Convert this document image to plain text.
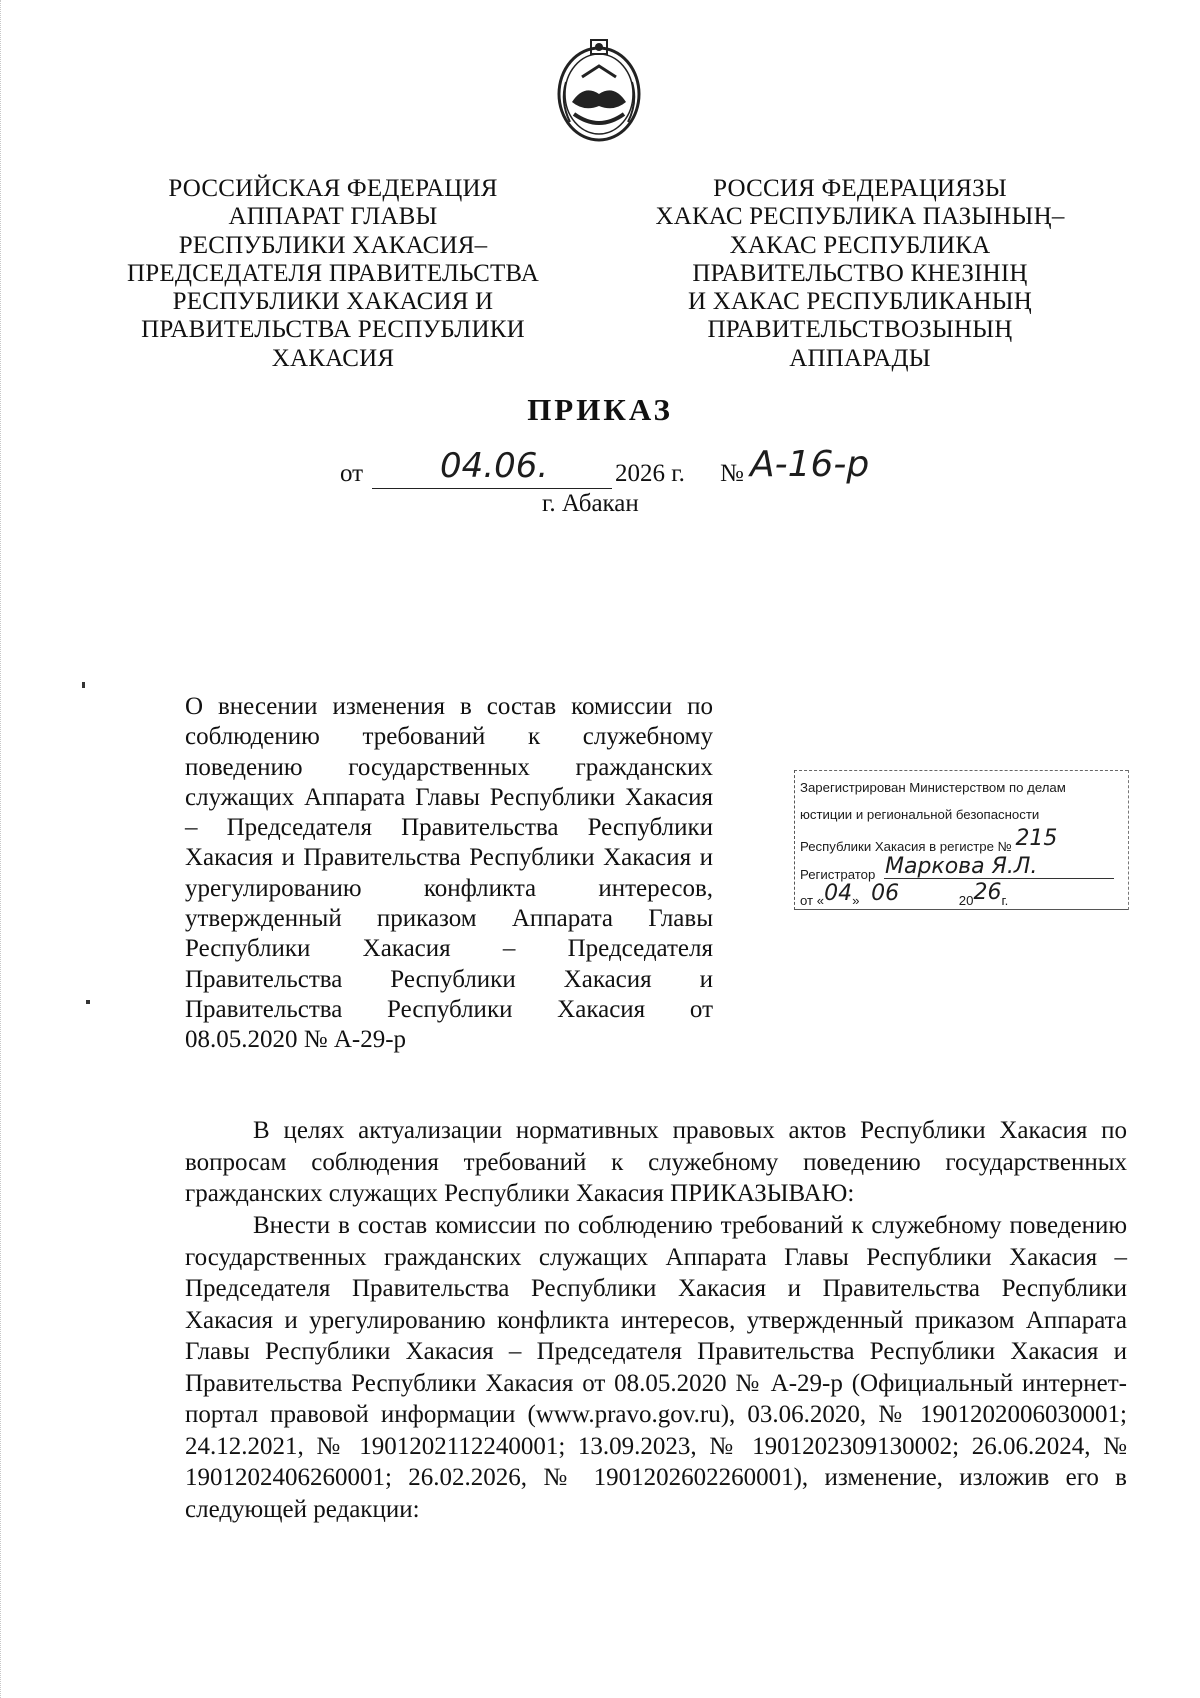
РОССИЙСКАЯ ФЕДЕРАЦИЯ
АППАРАТ ГЛАВЫ
РЕСПУБЛИКИ ХАКАСИЯ–
ПРЕДСЕДАТЕЛЯ ПРАВИТЕЛЬСТВА
РЕСПУБЛИКИ ХАКАСИЯ И
ПРАВИТЕЛЬСТВА РЕСПУБЛИКИ
ХАКАСИЯ
РОССИЯ ФЕДЕРАЦИЯЗЫ
ХАКАС РЕСПУБЛИКА ПАЗЫНЫҢ–
ХАКАС РЕСПУБЛИКА
ПРАВИТЕЛЬСТВО КНЕЗIНIҢ
И ХАКАС РЕСПУБЛИКАНЫҢ
ПРАВИТЕЛЬСТВОЗЫНЫҢ
АППАРАДЫ
ПРИКАЗ
от 04.06.	2026 г. № А-16-р
г. Абакан
О внесении изменения в состав комиссии по соблюдению требований к служебному поведению государственных гражданских служащих Аппарата Главы Республики Хакасия – Председателя Правительства Республики Хакасия и Правительства Республики Хакасия и урегулированию конфликта интересов, утвержденный приказом Аппарата Главы Республики Хакасия – Председателя Правительства Республики Хакасия и Правительства Республики Хакасия от 08.05.2020 № А-29-р
Зарегистрирован Министерством по делам
юстиции и региональной безопасности
Республики Хакасия в регистре № 215
Регистратор Маркова Я.Л.
от «04» 06	2026г.
В целях актуализации нормативных правовых актов Республики Хакасия по вопросам соблюдения требований к служебному поведению государственных гражданских служащих Республики Хакасия ПРИКАЗЫВАЮ:
Внести в состав комиссии по соблюдению требований к служебному поведению государственных гражданских служащих Аппарата Главы Республики Хакасия – Председателя Правительства Республики Хакасия и Правительства Республики Хакасия и урегулированию конфликта интересов, утвержденный приказом Аппарата Главы Республики Хакасия – Председателя Правительства Республики Хакасия и Правительства Республики Хакасия от 08.05.2020 № А-29-р (Официальный интернет-портал правовой информации (www.pravo.gov.ru), 03.06.2020, № 1901202006030001; 24.12.2021, № 1901202112240001; 13.09.2023, № 1901202309130002; 26.06.2024, № 1901202406260001; 26.02.2026, № 1901202602260001), изменение, изложив его в следующей редакции:
